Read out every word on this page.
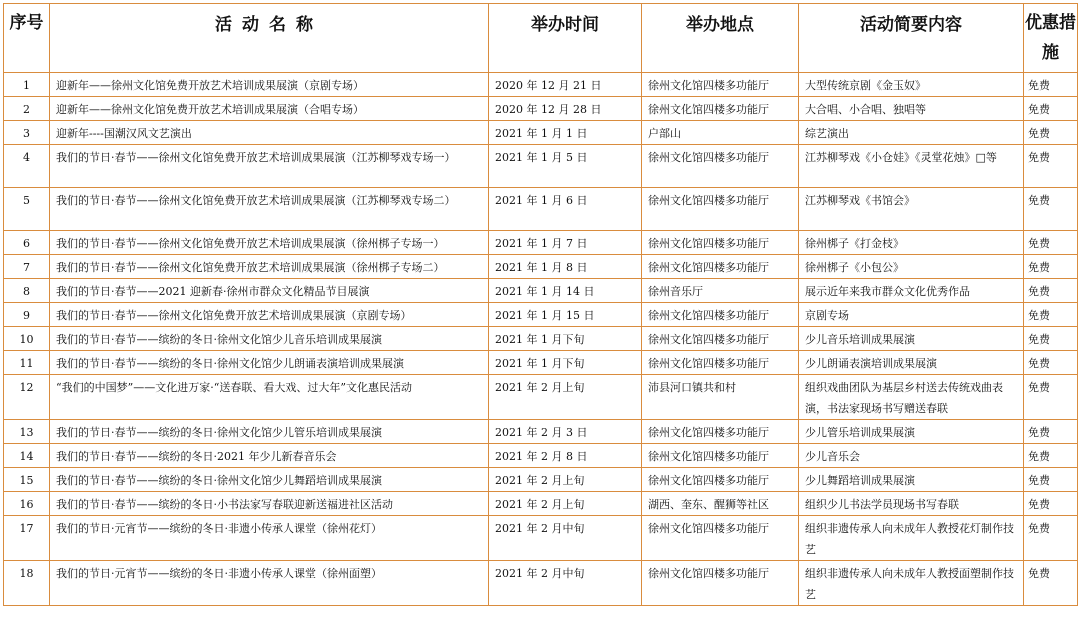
序号	活动名称	举办时间	举办地点	活动简要内容	优惠措施
1	迎新年——徐州文化馆免费开放艺术培训成果展演（京剧专场）	2020 年 12 月 21 日	徐州文化馆四楼多功能厅	大型传统京剧《金玉奴》	免费
2	迎新年——徐州文化馆免费开放艺术培训成果展演（合唱专场）	2020 年 12 月 28 日	徐州文化馆四楼多功能厅	大合唱、小合唱、独唱等	免费
3	迎新年----国潮汉风文艺演出	2021 年 1 月 1 日	户部山	综艺演出	免费
4	我们的节日·春节——徐州文化馆免费开放艺术培训成果展演（江苏柳琴戏专场一）	2021 年 1 月 5 日	徐州文化馆四楼多功能厅	江苏柳琴戏《小仓娃》《灵堂花烛》□等	免费
5	我们的节日·春节——徐州文化馆免费开放艺术培训成果展演（江苏柳琴戏专场二）	2021 年 1 月 6 日	徐州文化馆四楼多功能厅	江苏柳琴戏《书馆会》	免费
6	我们的节日·春节——徐州文化馆免费开放艺术培训成果展演（徐州梆子专场一）	2021 年 1 月 7 日	徐州文化馆四楼多功能厅	徐州梆子《打金枝》	免费
7	我们的节日·春节——徐州文化馆免费开放艺术培训成果展演（徐州梆子专场二）	2021 年 1 月 8 日	徐州文化馆四楼多功能厅	徐州梆子《小包公》	免费
8	我们的节日·春节——2021 迎新春·徐州市群众文化精品节目展演	2021 年 1 月 14 日	徐州音乐厅	展示近年来我市群众文化优秀作品	免费
9	我们的节日·春节——徐州文化馆免费开放艺术培训成果展演（京剧专场）	2021 年 1 月 15 日	徐州文化馆四楼多功能厅	京剧专场	免费
10	我们的节日·春节——缤纷的冬日·徐州文化馆少儿音乐培训成果展演	2021 年 1 月下旬	徐州文化馆四楼多功能厅	少儿音乐培训成果展演	免费
11	我们的节日·春节——缤纷的冬日·徐州文化馆少儿朗诵表演培训成果展演	2021 年 1 月下旬	徐州文化馆四楼多功能厅	少儿朗诵表演培训成果展演	免费
12	“我们的中国梦”——文化进万家·“送春联、看大戏、过大年”文化惠民活动	2021 年 2 月上旬	沛县河口镇共和村	组织戏曲团队为基层乡村送去传统戏曲表演，书法家现场书写赠送春联	免费
13	我们的节日·春节——缤纷的冬日·徐州文化馆少儿管乐培训成果展演	2021 年 2 月 3 日	徐州文化馆四楼多功能厅	少儿管乐培训成果展演	免费
14	我们的节日·春节——缤纷的冬日·2021 年少儿新春音乐会	2021 年 2 月 8 日	徐州文化馆四楼多功能厅	少儿音乐会	免费
15	我们的节日·春节——缤纷的冬日·徐州文化馆少儿舞蹈培训成果展演	2021 年 2 月上旬	徐州文化馆四楼多功能厅	少儿舞蹈培训成果展演	免费
16	我们的节日·春节——缤纷的冬日·小书法家写春联迎新送福进社区活动	2021 年 2 月上旬	湖西、奎东、醒狮等社区	组织少儿书法学员现场书写春联	免费
17	我们的节日·元宵节——缤纷的冬日·非遗小传承人课堂（徐州花灯）	2021 年 2 月中旬	徐州文化馆四楼多功能厅	组织非遗传承人向未成年人教授花灯制作技艺	免费
18	我们的节日·元宵节——缤纷的冬日·非遗小传承人课堂（徐州面塑）	2021 年 2 月中旬	徐州文化馆四楼多功能厅	组织非遗传承人向未成年人教授面塑制作技艺	免费
